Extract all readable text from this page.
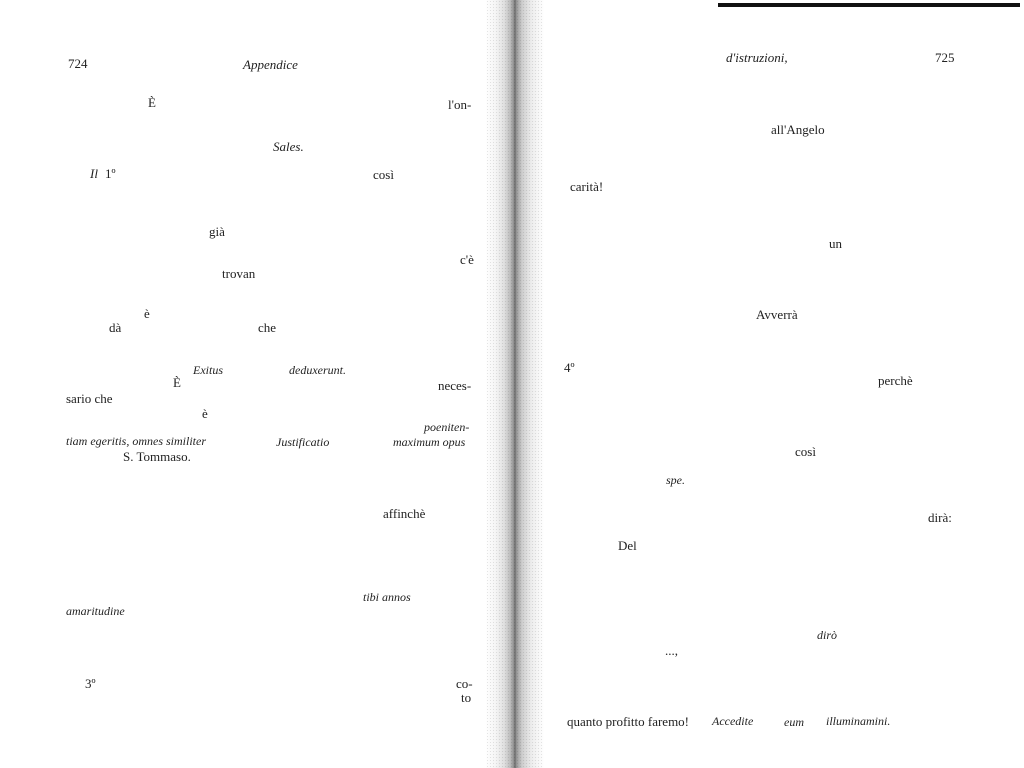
724	Appendice
È	l'on-
Sales.
Il 1º	così
già
c'è
trovan
è
dà	che
Exitus	deduxerunt.
È	neces-
sario che
è
poeniten-
tiam egeritis, omnes similiter	Justificatio	maximum opus
S. Tommaso.
affinchè
tibi annos
amaritudine
3º	co-
to
d'istruzioni,	725
all'Angelo
carità!
un
Avverrà
4º
perchè
così
spe.
dirà:
Del
dirò
...,
quanto profitto faremo! Accedite	eum illuminamini.
